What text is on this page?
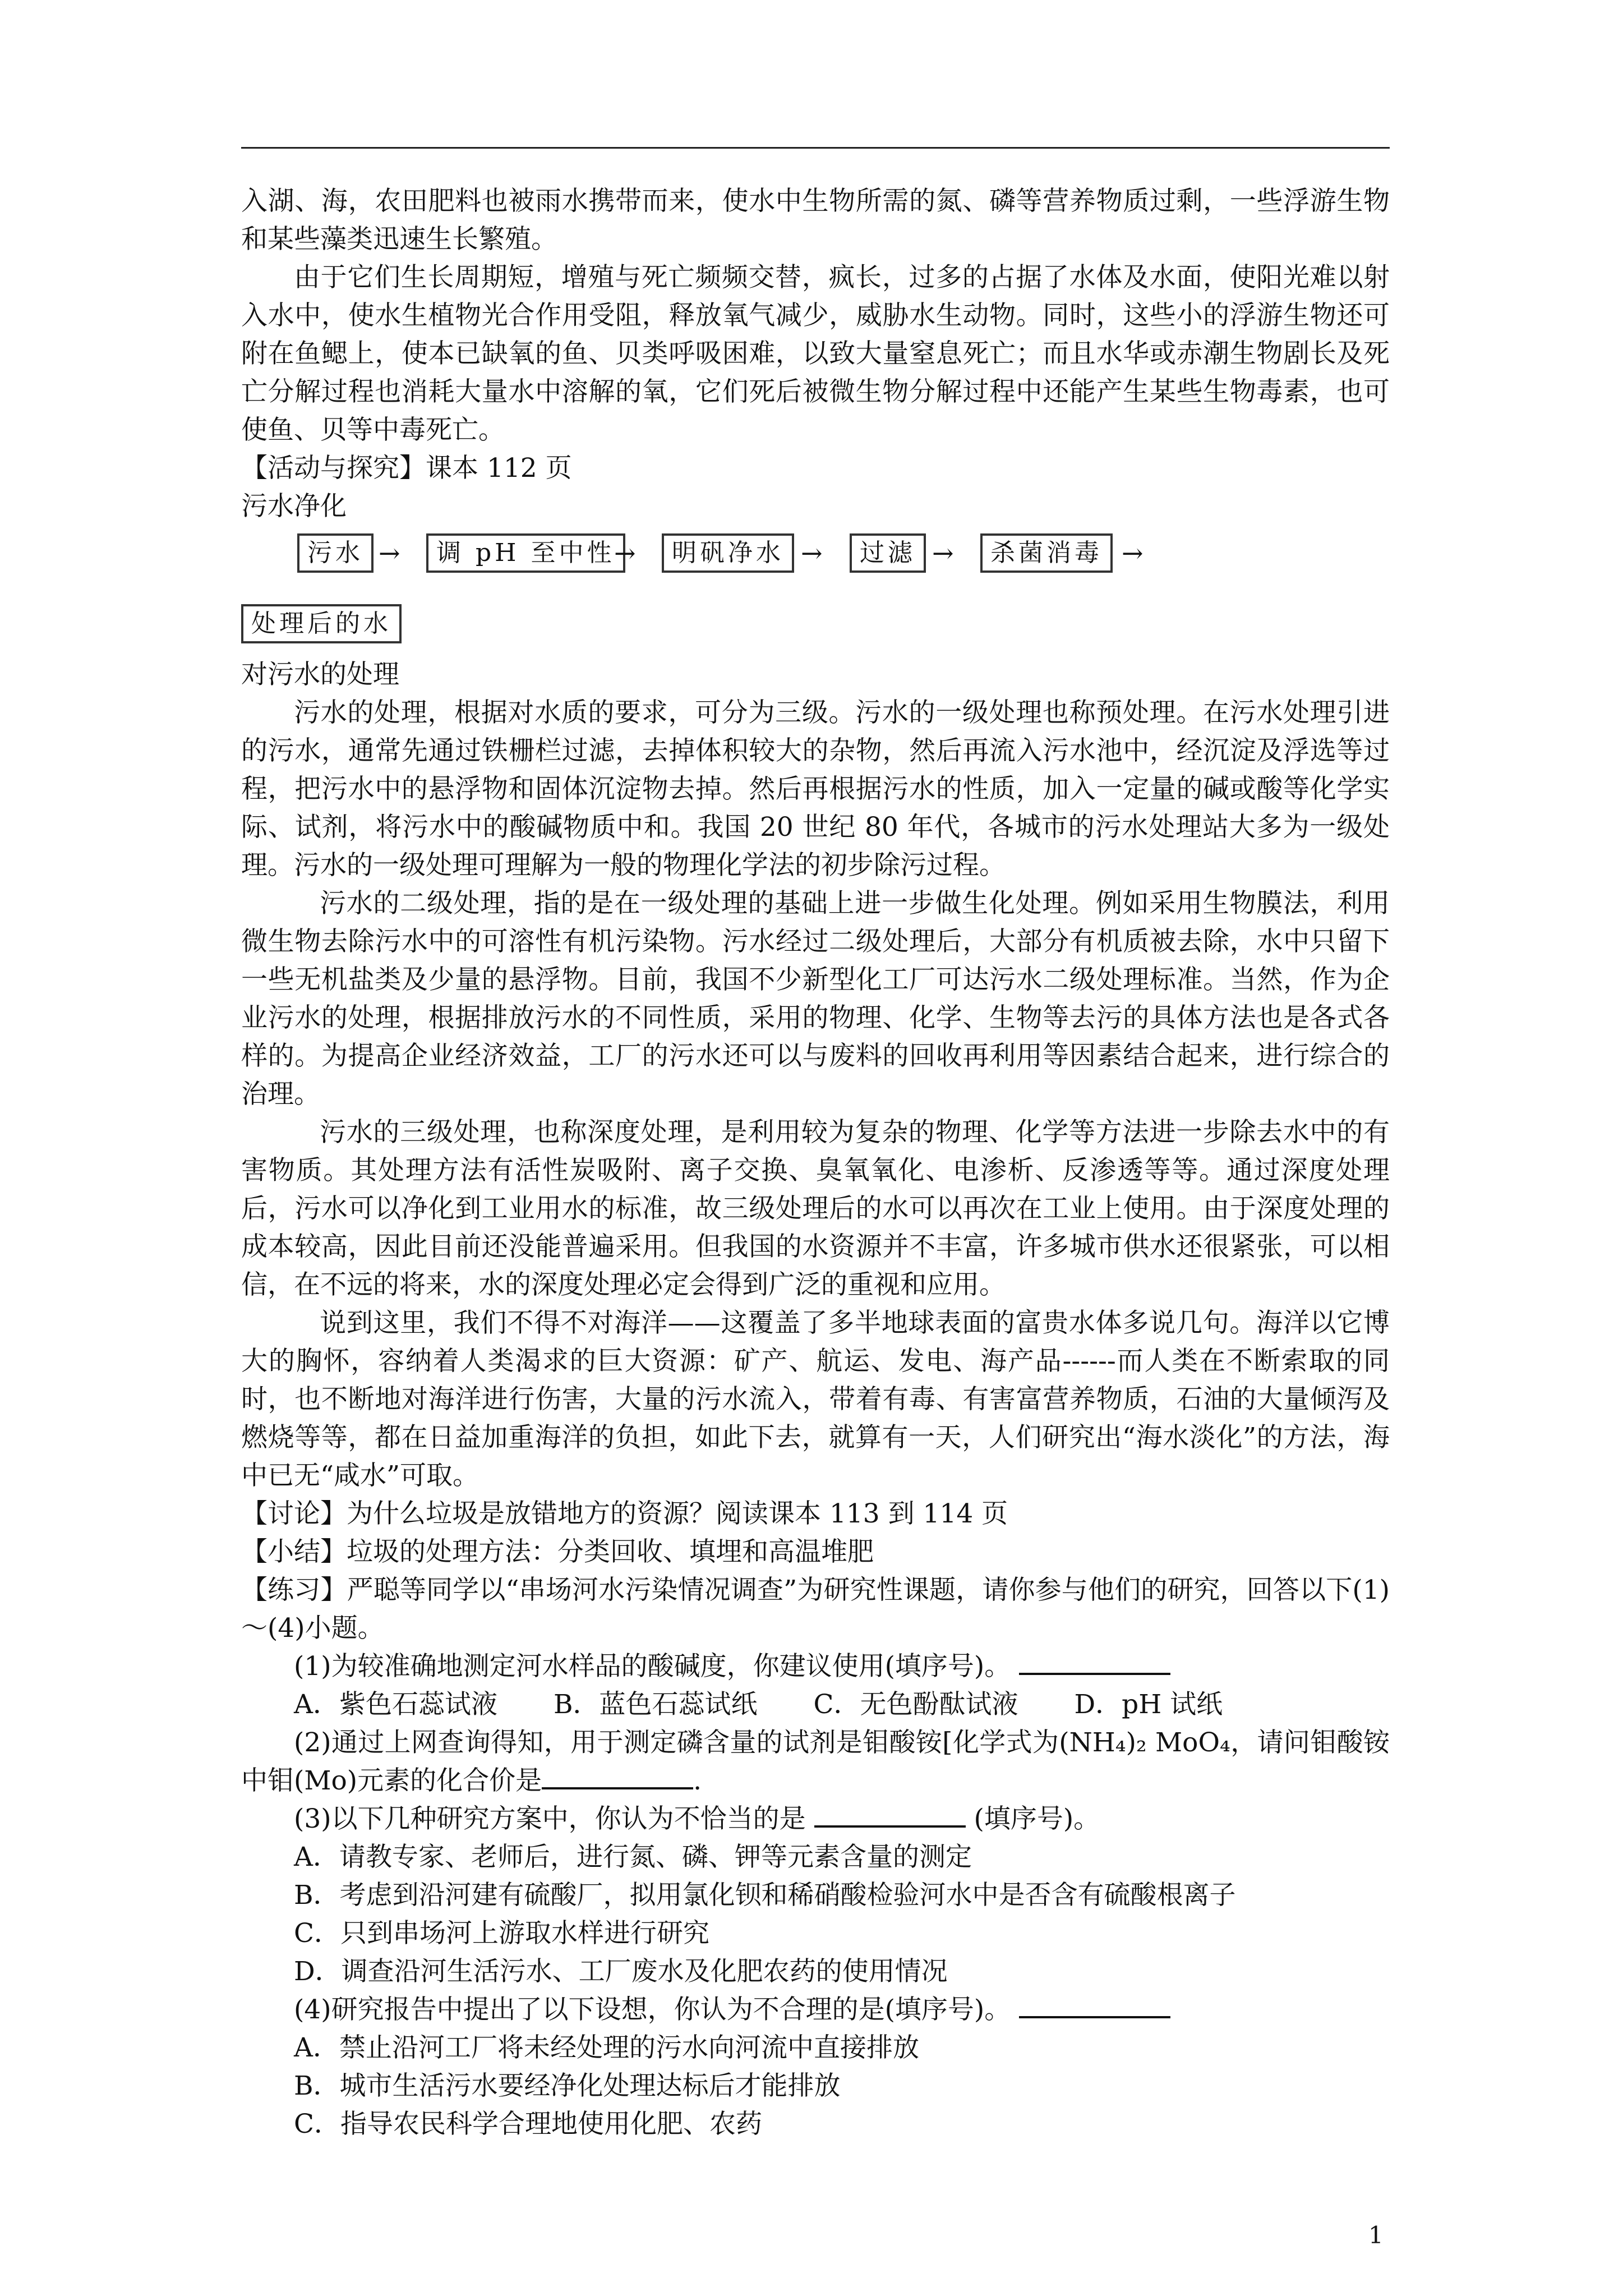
入湖、海，农田肥料也被雨水携带而来，使水中生物所需的氮、磷等营养物质过剩，一些浮游生物和某些藻类迅速生长繁殖。

由于它们生长周期短，增殖与死亡频频交替，疯长，过多的占据了水体及水面，使阳光难以射入水中，使水生植物光合作用受阻，释放氧气减少，威胁水生动物。同时，这些小的浮游生物还可附在鱼鳃上，使本已缺氧的鱼、贝类呼吸困难，以致大量窒息死亡；而且水华或赤潮生物剧长及死亡分解过程也消耗大量水中溶解的氧，它们死后被微生物分解过程中还能产生某些生物毒素，也可使鱼、贝等中毒死亡。

【活动与探究】课本 112 页

污水净化

污水 →	调 pH 至中性
→	明矾净水 →	过滤 →	杀菌消毒 →
处理后的水

对污水的处理

污水的处理，根据对水质的要求，可分为三级。污水的一级处理也称预处理。在污水处理引进的污水，通常先通过铁栅栏过滤，去掉体积较大的杂物，然后再流入污水池中，经沉淀及浮选等过程，把污水中的悬浮物和固体沉淀物去掉。然后再根据污水的性质，加入一定量的碱或酸等化学实际、试剂，将污水中的酸碱物质中和。我国 20 世纪 80 年代，各城市的污水处理站大多为一级处理。污水的一级处理可理解为一般的物理化学法的初步除污过程。

污水的二级处理，指的是在一级处理的基础上进一步做生化处理。例如采用生物膜法，利用微生物去除污水中的可溶性有机污染物。污水经过二级处理后，大部分有机质被去除，水中只留下一些无机盐类及少量的悬浮物。目前，我国不少新型化工厂可达污水二级处理标准。当然，作为企业污水的处理，根据排放污水的不同性质，采用的物理、化学、生物等去污的具体方法也是各式各样的。为提高企业经济效益，工厂的污水还可以与废料的回收再利用等因素结合起来，进行综合的治理。

污水的三级处理，也称深度处理，是利用较为复杂的物理、化学等方法进一步除去水中的有害物质。其处理方法有活性炭吸附、离子交换、臭氧氧化、电渗析、反渗透等等。通过深度处理后，污水可以净化到工业用水的标准，故三级处理后的水可以再次在工业上使用。由于深度处理的成本较高，因此目前还没能普遍采用。但我国的水资源并不丰富，许多城市供水还很紧张，可以相信，在不远的将来，水的深度处理必定会得到广泛的重视和应用。

说到这里，我们不得不对海洋——这覆盖了多半地球表面的富贵水体多说几句。海洋以它博大的胸怀，容纳着人类渴求的巨大资源：矿产、航运、发电、海产品------而人类在不断索取的同时，也不断地对海洋进行伤害，大量的污水流入，带着有毒、有害富营养物质，石油的大量倾泻及燃烧等等，都在日益加重海洋的负担，如此下去，就算有一天，人们研究出“海水淡化”的方法，海中已无“咸水”可取。

【讨论】为什么垃圾是放错地方的资源？阅读课本 113 到 114 页

【小结】垃圾的处理方法：分类回收、填埋和高温堆肥

【练习】严聪等同学以“串场河水污染情况调查”为研究性课题，请你参与他们的研究，回答以下(1)～(4)小题。

(1)为较准确地测定河水样品的酸碱度，你建议使用(填序号)。

A．紫色石蕊试液 B．蓝色石蕊试纸 C．无色酚酞试液 D．pH 试纸

(2)通过上网查询得知，用于测定磷含量的试剂是钼酸铵[化学式为(NH₄)₂ MoO₄，请问钼酸铵中钼(Mo)元素的化合价是	.

(3)以下几种研究方案中，你认为不恰当的是	(填序号)。

A．请教专家、老师后，进行氮、磷、钾等元素含量的测定

B．考虑到沿河建有硫酸厂，拟用氯化钡和稀硝酸检验河水中是否含有硫酸根离子

C．只到串场河上游取水样进行研究

D．调查沿河生活污水、工厂废水及化肥农药的使用情况

(4)研究报告中提出了以下设想，你认为不合理的是(填序号)。

A．禁止沿河工厂将未经处理的污水向河流中直接排放

B．城市生活污水要经净化处理达标后才能排放

C．指导农民科学合理地使用化肥、农药

1
